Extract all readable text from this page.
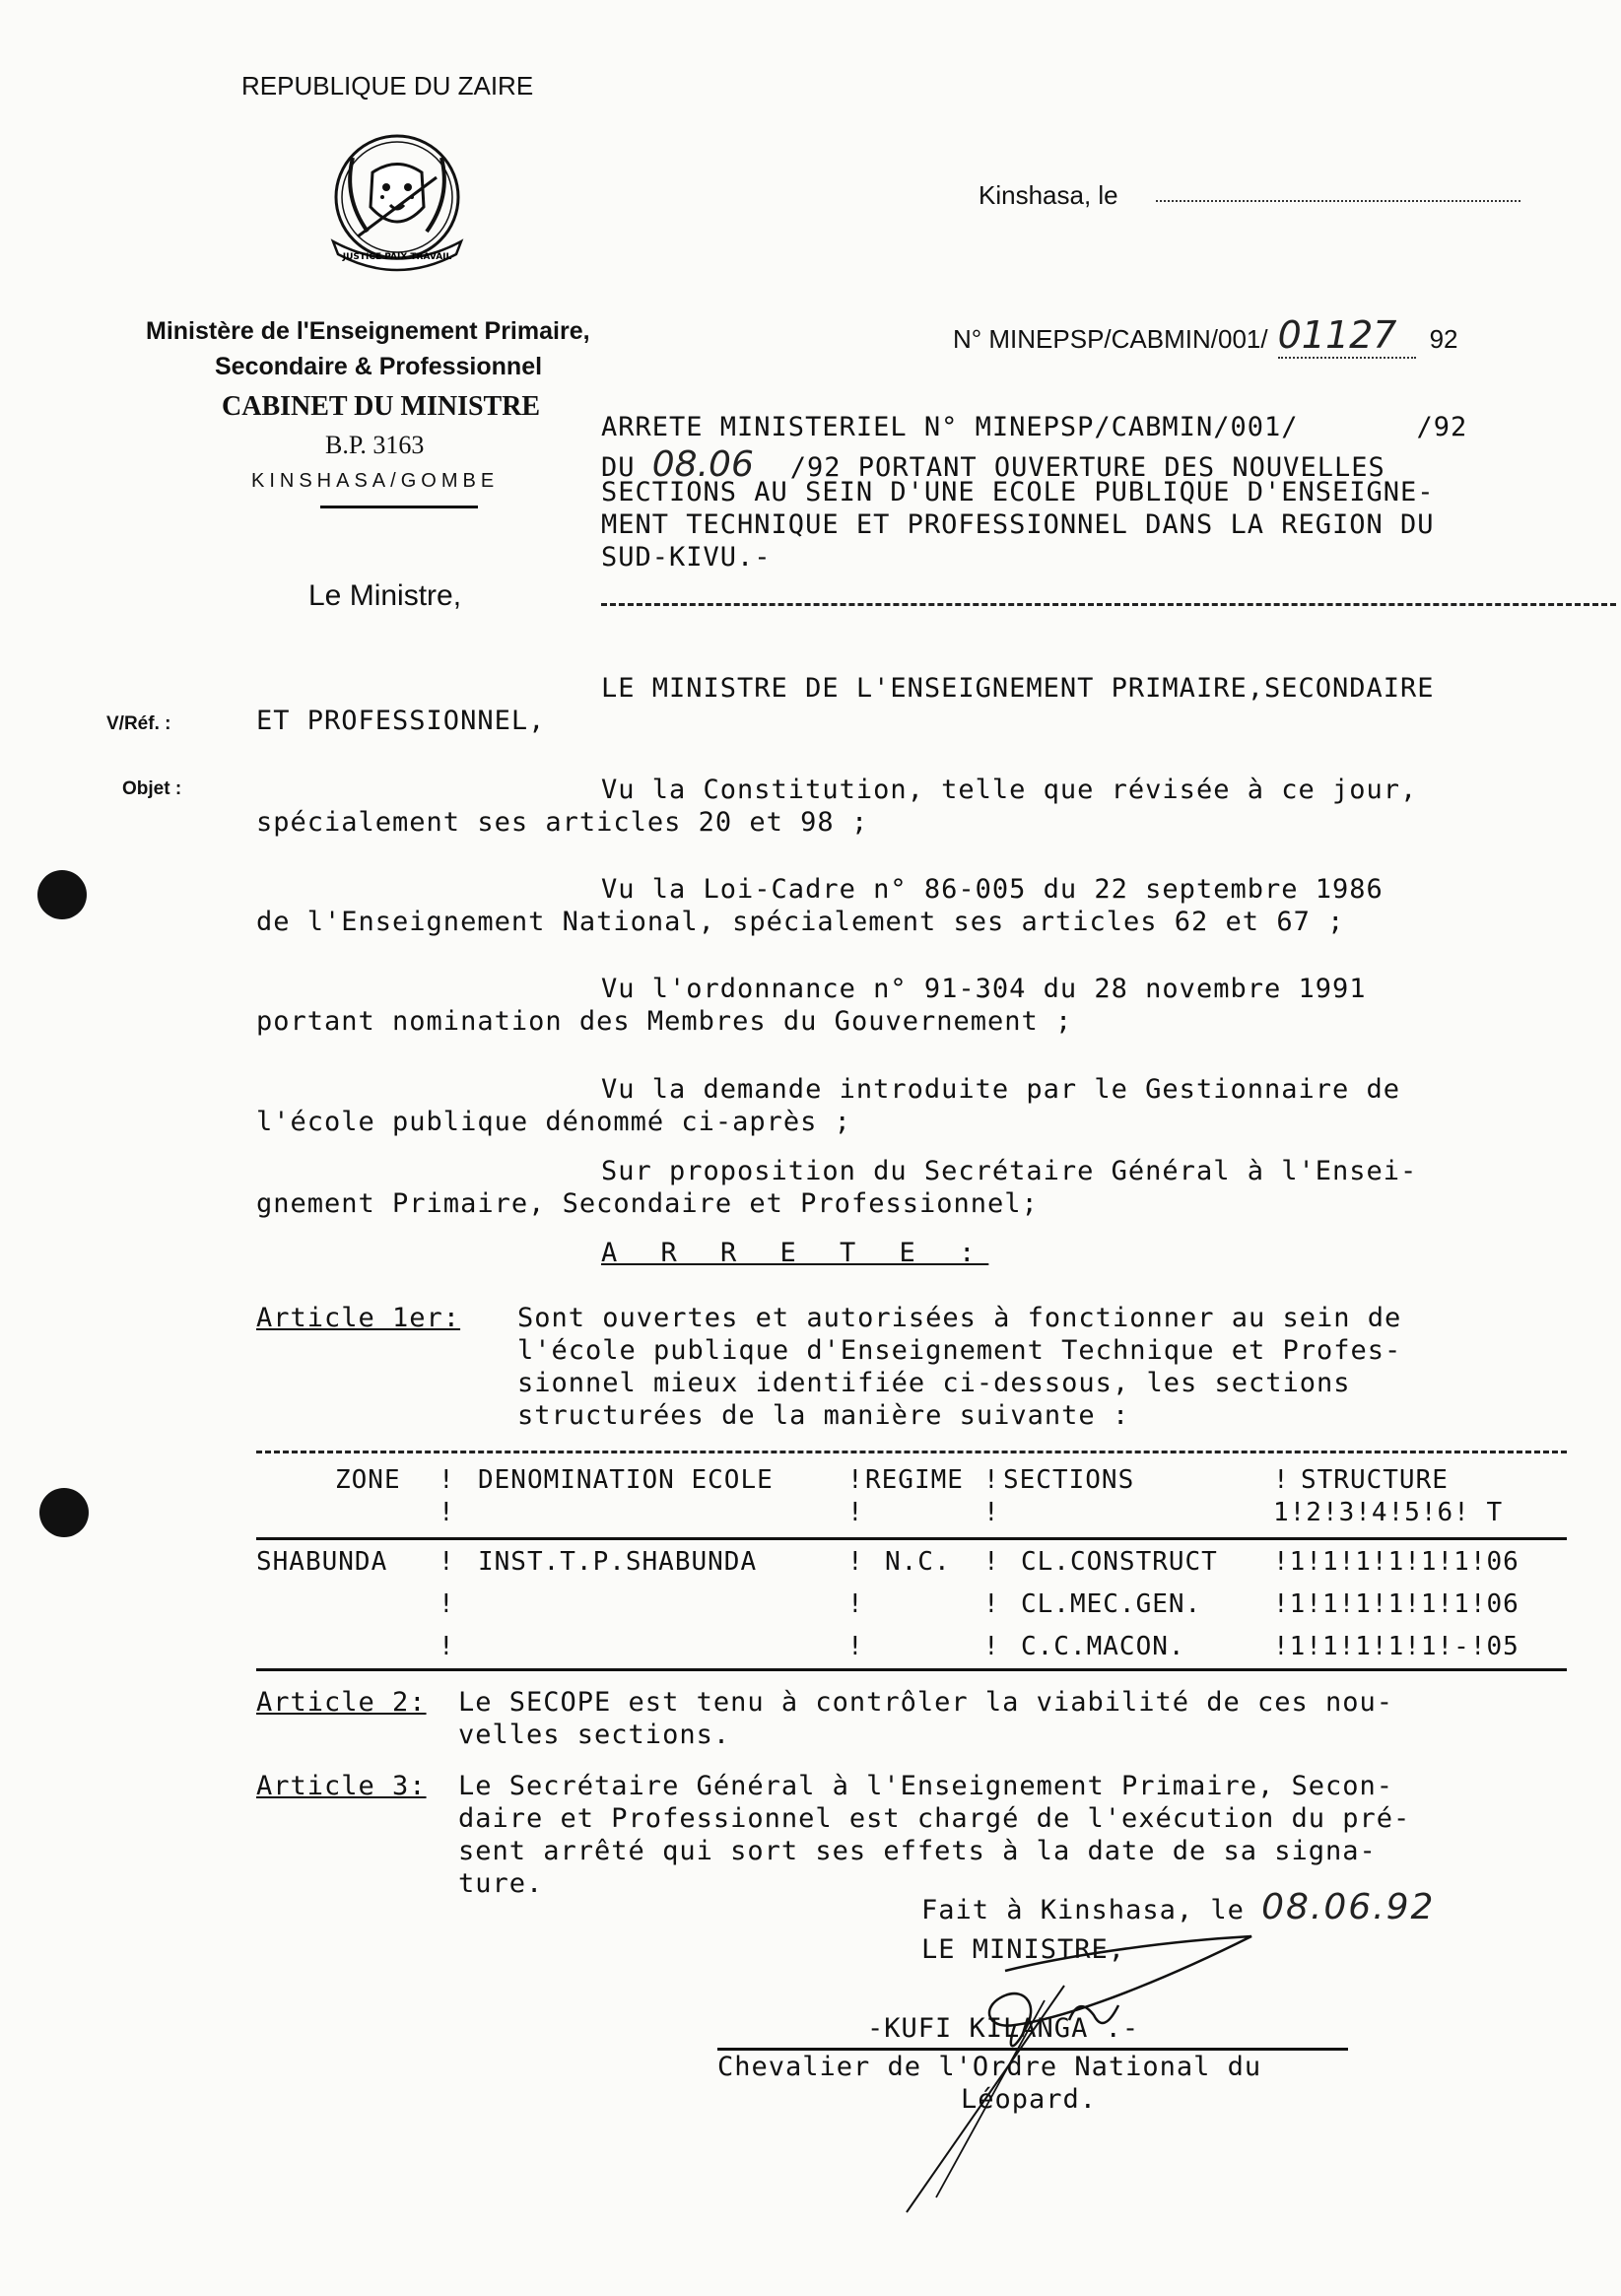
REPUBLIQUE DU ZAIRE
JUSTICE PAIX TRAVAIL
Ministère de l'Enseignement Primaire,
Secondaire & Professionnel
CABINET DU MINISTRE
B.P. 3163
KINSHASA/GOMBE
Kinshasa, le
N° MINEPSP/CABMIN/001/ 01127 92
Le Ministre,
V/Réf. :
Objet :
ARRETE MINISTERIEL N° MINEPSP/CABMIN/001/	/92
DU 08.06 /92 PORTANT OUVERTURE DES NOUVELLES
SECTIONS AU SEIN D'UNE ECOLE PUBLIQUE D'ENSEIGNE-
MENT TECHNIQUE ET PROFESSIONNEL DANS LA REGION DU
SUD-KIVU.-
LE MINISTRE DE L'ENSEIGNEMENT PRIMAIRE,SECONDAIRE
ET PROFESSIONNEL,
Vu la Constitution, telle que révisée à ce jour,
spécialement ses articles 20 et 98 ;
Vu la Loi-Cadre n° 86-005 du 22 septembre 1986
de l'Enseignement National, spécialement ses articles 62 et 67 ;
Vu l'ordonnance n° 91-304 du 28 novembre 1991
portant nomination des Membres du Gouvernement ;
Vu la demande introduite par le Gestionnaire de
l'école publique dénommé ci-après ;
Sur proposition du Secrétaire Général à l'Ensei-
gnement Primaire, Secondaire et Professionnel;
A R R E T E :
Article 1er: Sont ouvertes et autorisées à fonctionner au sein de
l'école publique d'Enseignement Technique et Profes-
sionnel mieux identifiée ci-dessous, les sections
structurées de la manière suivante :
ZONE ! DENOMINATION ECOLE	! REGIME ! SECTIONS	! STRUCTURE
!	!	!	1!2!3!4!5!6! T
SHABUNDA ! INST.T.P.SHABUNDA	! N.C. ! CL.CONSTRUCT !1!1!1!1!1!1!06
!	!	! CL.MEC.GEN.	!1!1!1!1!1!1!06
!	!	! C.C.MACON.	!1!1!1!1!1!-!05
Article 2: Le SECOPE est tenu à contrôler la viabilité de ces nou-
velles sections.
Article 3: Le Secrétaire Général à l'Enseignement Primaire, Secon-
daire et Professionnel est chargé de l'exécution du pré-
sent arrêté qui sort ses effets à la date de sa signa-
ture.
Fait à Kinshasa, le 08.06.92
LE MINISTRE,
-KUFI KILANGA .-
Chevalier de l'Ordre National du
Léopard.
